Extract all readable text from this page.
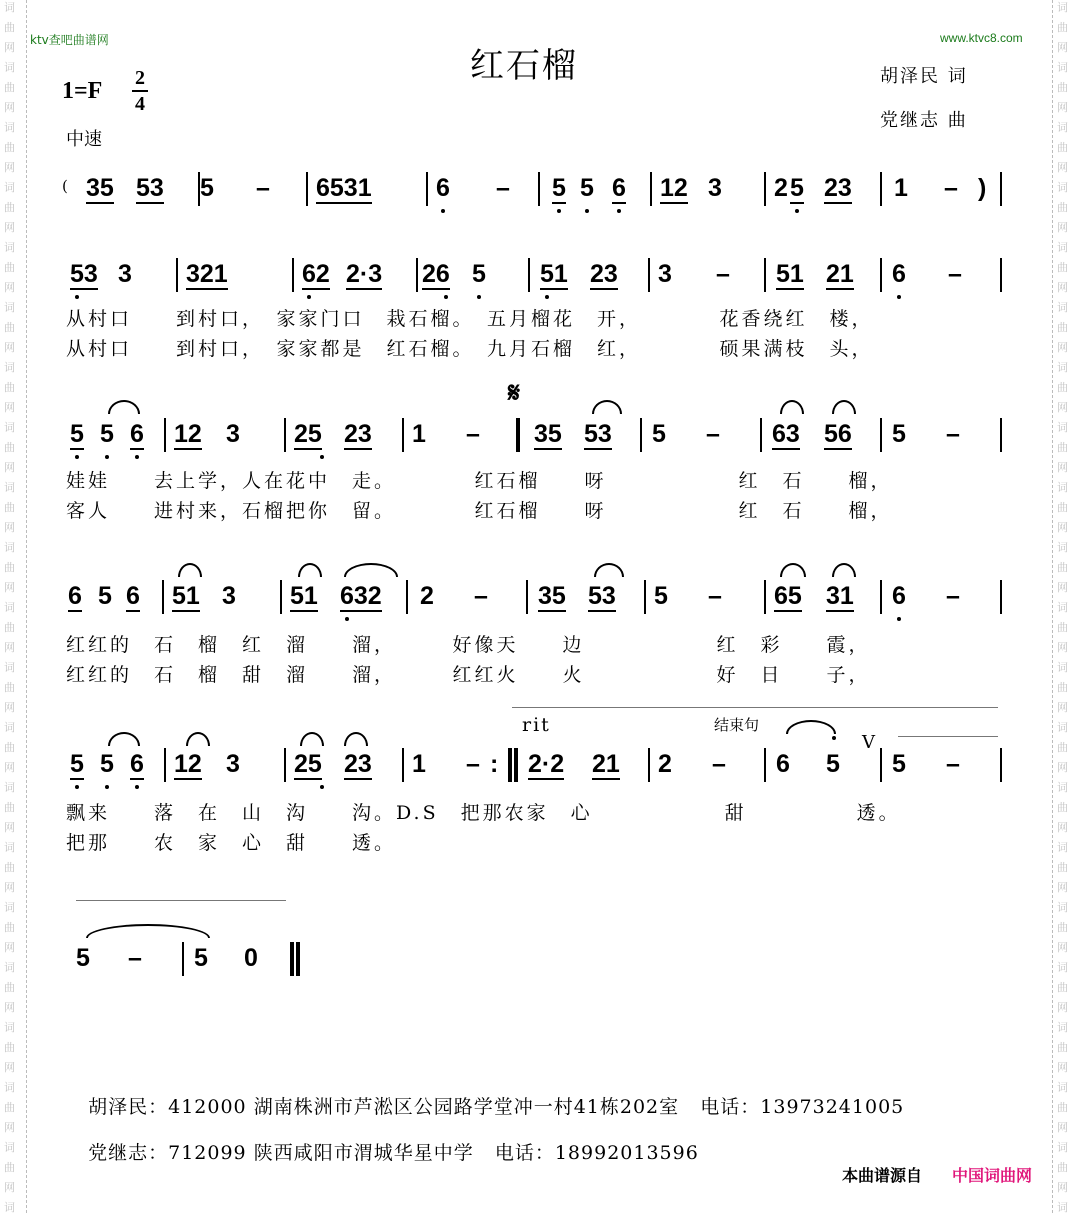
词
曲
网
词
曲
网
词
曲
网
词
曲
网
词
曲
网
词
曲
网
词
曲
网
词
曲
网
词
曲
网
词
曲
网
词
曲
网
词
曲
网
词
曲
网
词
曲
网
词
曲
网
词
曲
网
词
曲
网
词
曲
网
词
曲
网
词
曲
网
词
词
曲
网
词
曲
网
词
曲
网
词
曲
网
词
曲
网
词
曲
网
词
曲
网
词
曲
网
词
曲
网
词
曲
网
词
曲
网
词
曲
网
词
曲
网
词
曲
网
词
曲
网
词
曲
网
词
曲
网
词
曲
网
词
曲
网
词
曲
网
词
ktv查吧曲谱网	www.ktvc8.com
红石榴
1=F 2
4
中速
胡泽民 词
党继志 曲
( 35 53 5 – 6531	6 – 5 5 6 12 3 2 5 23 1 – )
53 3 321	62 2·3 26 5 51 23 3 – 51 21 6 –
从村口　　到村口，　家家门口　栽石榴。　五月榴花　开，　　　　花香绕红　楼，
从村口　　到村口，　家家都是　红石榴。　九月石榴　红，　　　　硕果满枝　头，
𝄋
5 5 6 12 3 25 23 1 – 35 53 5 – 63 56 5 –
娃娃　　去上学，人在花中　走。　　　　红石榴　　呀　　　　　　红　石　　榴，
客人　　进村来，石榴把你　留。　　　　红石榴　　呀　　　　　　红　石　　榴，
6 5 6 51 3 51 632 2 – 35 53 5 – 65 31 6 –
红红的　石　榴　红　溜　　溜，　　　好像天　　边　　　　　　红　彩　　霞，
红红的　石　榴　甜　溜　　溜，　　　红红火　　火　　　　　　好　日　　子，
rit	结束句
5 5 6 12 3 25 23 1 – : 2·2 21 2 – 6 5 5 –
V
飘来　　落　在　山　沟　　沟。D.S　把那农家　心　　　　　　甜　　　　　透。
把那　　农　家　心　甜　　透。
5 – 5 0

胡泽民：412000 湖南株洲市芦淞区公园路学堂冲一村41栋202室 电话：13973241005

党继志：712099 陕西咸阳市渭城华星中学 电话：18992013596

本曲谱源自 中国词曲网
